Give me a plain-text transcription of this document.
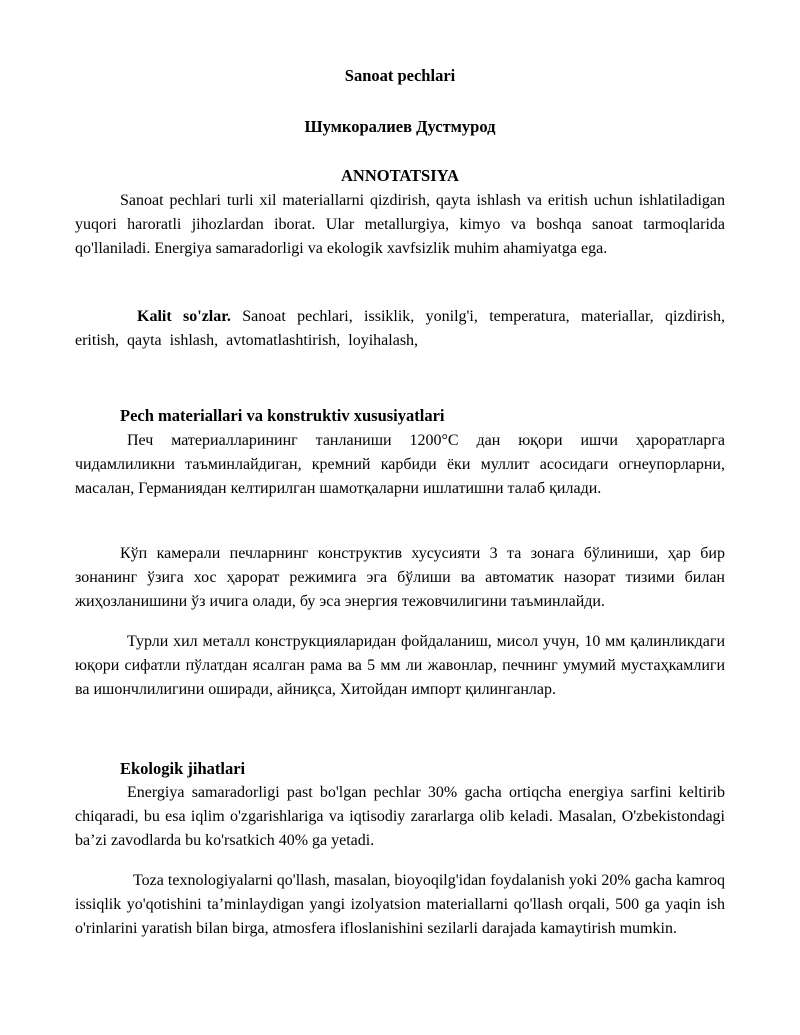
Sanoat pechlari
Шумкоралиев Дустмурод
ANNOTATSIYA
Sanoat pechlari turli xil materiallarni qizdirish, qayta ishlash va eritish uchun ishlatiladigan yuqori haroratli jihozlardan iborat. Ular metallurgiya, kimyo va boshqa sanoat tarmoqlarida qo'llaniladi. Energiya samaradorligi va ekologik xavfsizlik muhim ahamiyatga ega.
Kalit so'zlar. Sanoat pechlari, issiklik, yonilg'i, temperatura, materiallar, qizdirish, eritish, qayta ishlash, avtomatlashtirish, loyihalash,
Pech materiallari va konstruktiv xususiyatlari
Печ материалларининг танланиши 1200°C дан юқори ишчи ҳароратларга чидамлиликни таъминлайдиган, кремний карбиди ёки муллит асосидаги огнеупорларни, масалан, Германиядан келтирилган шамотқаларни ишлатишни талаб қилади.
Кўп камерали печларнинг конструктив хусусияти 3 та зонага бўлиниши, ҳар бир зонанинг ўзига хос ҳарорат режимига эга бўлиши ва автоматик назорат тизими билан жиҳозланишини ўз ичига олади, бу эса энергия тежовчилигини таъминлайди.
Турли хил металл конструкцияларидан фойдаланиш, мисол учун, 10 мм қалинликдаги юқори сифатли пўлатдан ясалган рама ва 5 мм ли жавонлар, печнинг умумий мустаҳкамлиги ва ишончлилигини оширади, айниқса, Хитойдан импорт қилинганлар.
Ekologik jihatlari
Energiya samaradorligi past bo'lgan pechlar 30% gacha ortiqcha energiya sarfini keltirib chiqaradi, bu esa iqlim o'zgarishlariga va iqtisodiy zararlarga olib keladi. Masalan, O'zbekistondagi ba’zi zavodlarda bu ko'rsatkich 40% ga yetadi.
Toza texnologiyalarni qo'llash, masalan, bioyoqilg'idan foydalanish yoki 20% gacha kamroq issiqlik yo'qotishini ta’minlaydigan yangi izolyatsion materiallarni qo'llash orqali, 500 ga yaqin ish o'rinlarini yaratish bilan birga, atmosfera ifloslanishini sezilarli darajada kamaytirish mumkin.
